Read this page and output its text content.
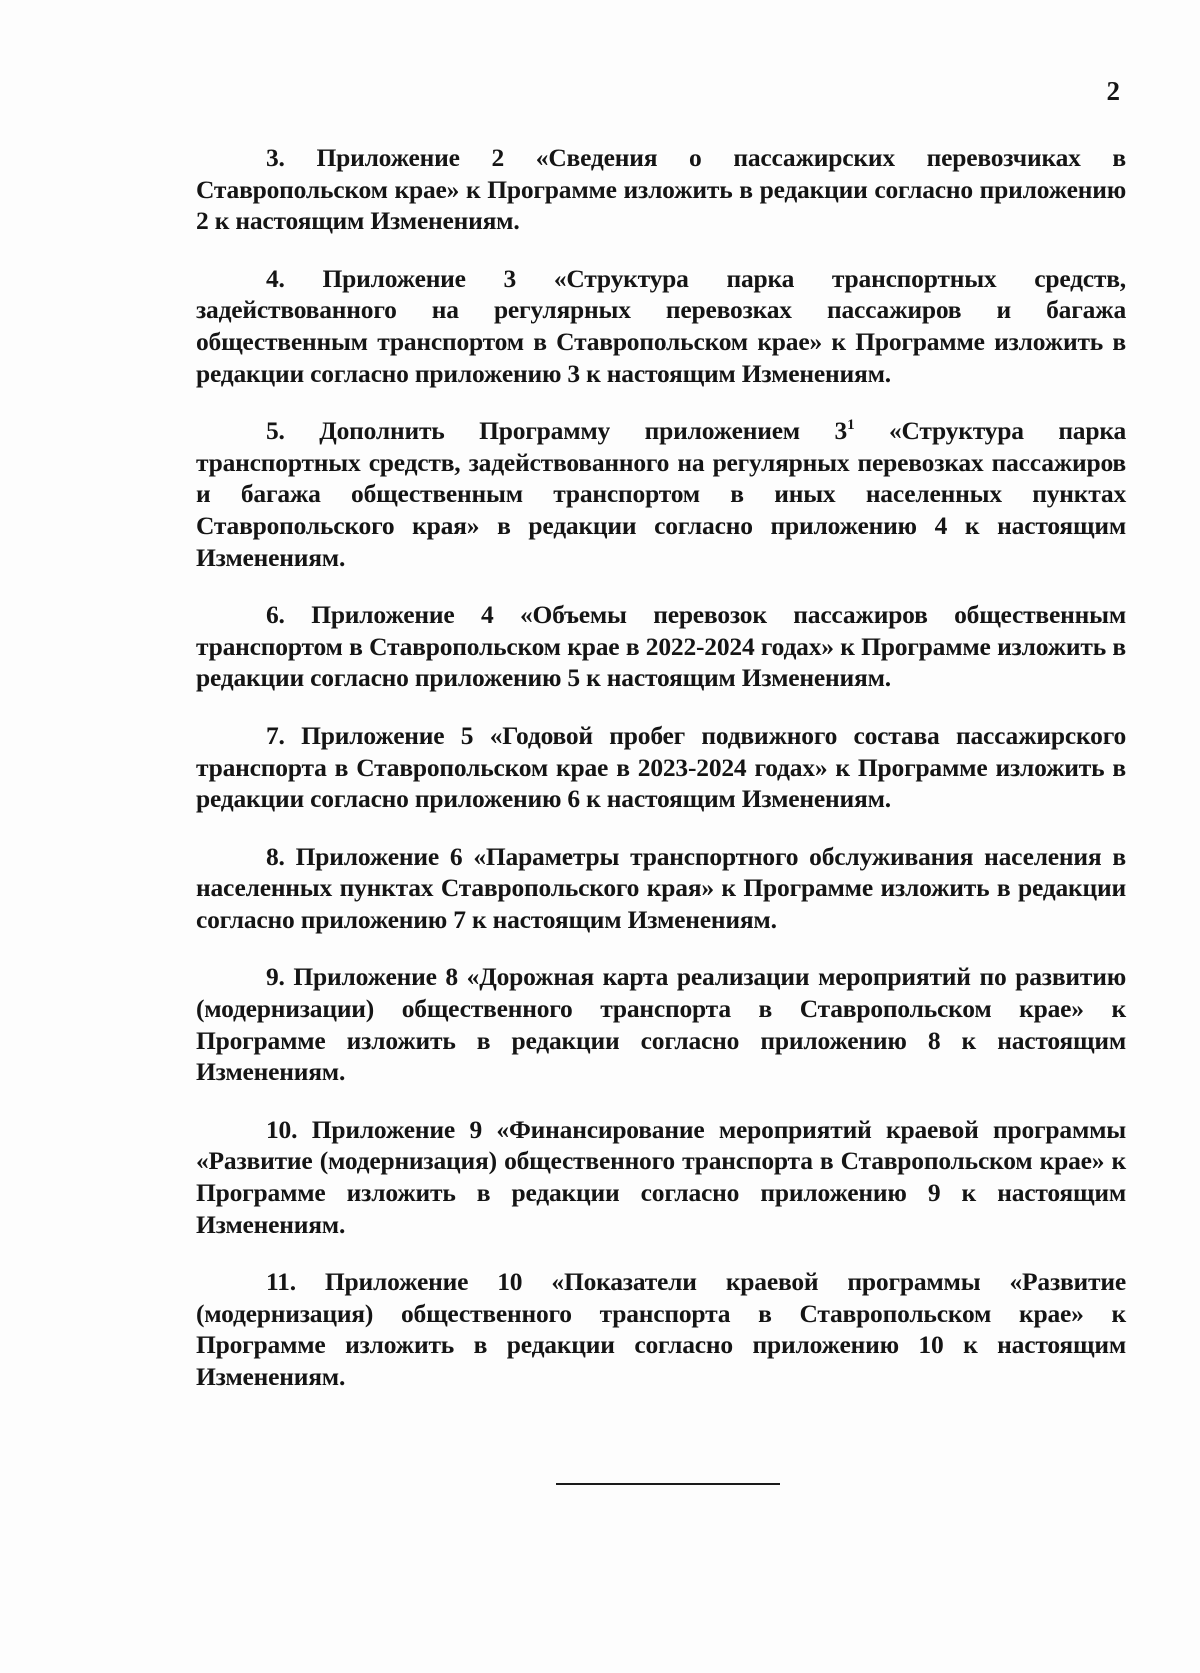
2

3. Приложение 2 «Сведения о пассажирских перевозчиках в Ставропольском крае» к Программе изложить в редакции согласно приложению 2 к настоящим Изменениям.

4. Приложение 3 «Структура парка транспортных средств, задействованного на регулярных перевозках пассажиров и багажа общественным транспортом в Ставропольском крае» к Программе изложить в редакции согласно приложению 3 к настоящим Изменениям.

5. Дополнить Программу приложением $3^1$ «Структура парка транспортных средств, задействованного на регулярных перевозках пассажиров и багажа общественным транспортом в иных населенных пунктах Ставропольского края» в редакции согласно приложению 4 к настоящим Изменениям.

6. Приложение 4 «Объемы перевозок пассажиров общественным транспортом в Ставропольском крае в 2022-2024 годах» к Программе изложить в редакции согласно приложению 5 к настоящим Изменениям.

7. Приложение 5 «Годовой пробег подвижного состава пассажирского транспорта в Ставропольском крае в 2023-2024 годах» к Программе изложить в редакции согласно приложению 6 к настоящим Изменениям.

8. Приложение 6 «Параметры транспортного обслуживания населения в населенных пунктах Ставропольского края» к Программе изложить в редакции согласно приложению 7 к настоящим Изменениям.

9. Приложение 8 «Дорожная карта реализации мероприятий по развитию (модернизации) общественного транспорта в Ставропольском крае» к Программе изложить в редакции согласно приложению 8 к настоящим Изменениям.

10. Приложение 9 «Финансирование мероприятий краевой программы «Развитие (модернизация) общественного транспорта в Ставропольском крае» к Программе изложить в редакции согласно приложению 9 к настоящим Изменениям.

11. Приложение 10 «Показатели краевой программы «Развитие (модернизация) общественного транспорта в Ставропольском крае» к Программе изложить в редакции согласно приложению 10 к настоящим Изменениям.
